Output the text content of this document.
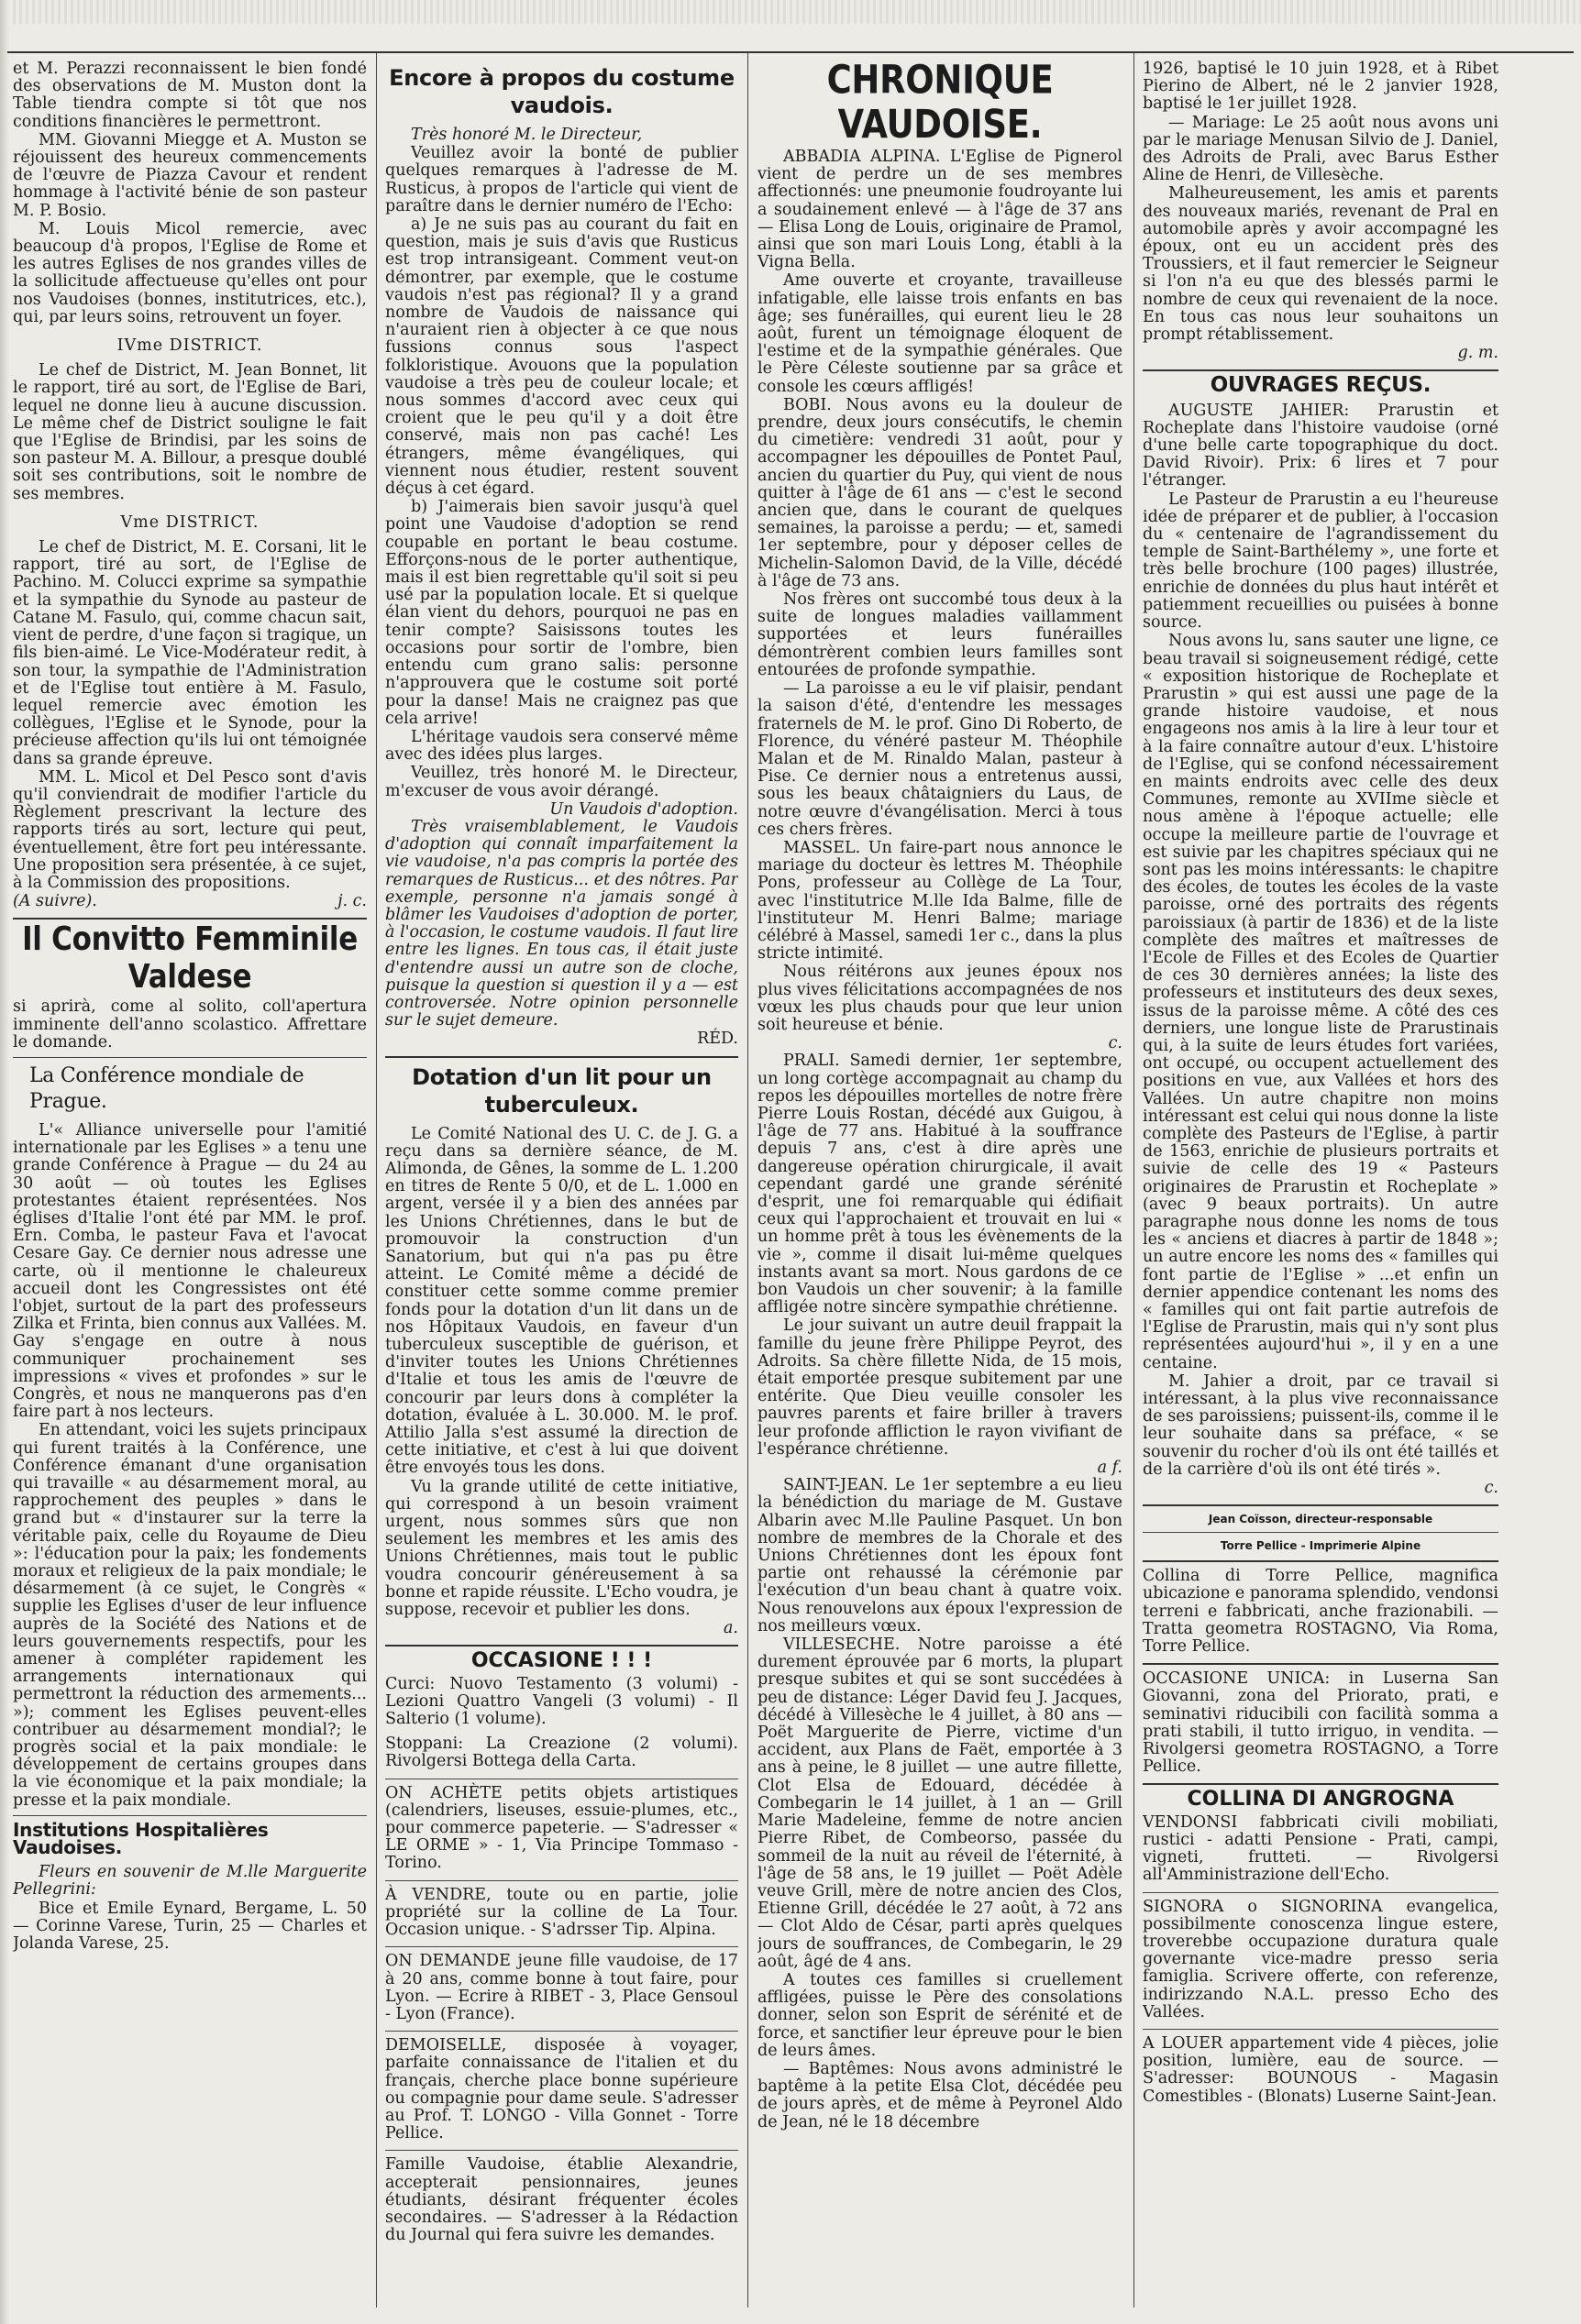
et M. Perazzi reconnaissent le bien fondé des observations de M. Muston dont la Table tiendra compte si tôt que nos conditions financières le permettront.

MM. Giovanni Miegge et A. Muston se réjouissent des heureux commencements de l'œuvre de Piazza Cavour et rendent hommage à l'activité bénie de son pasteur M. P. Bosio.

M. Louis Micol remercie, avec beaucoup d'à propos, l'Eglise de Rome et les autres Eglises de nos grandes villes de la sollicitude affectueuse qu'elles ont pour nos Vaudoises (bonnes, institutrices, etc.), qui, par leurs soins, retrouvent un foyer.

IVme DISTRICT.

Le chef de District, M. Jean Bonnet, lit le rapport, tiré au sort, de l'Eglise de Bari, lequel ne donne lieu à aucune discussion. Le même chef de District souligne le fait que l'Eglise de Brindisi, par les soins de son pasteur M. A. Billour, a presque doublé soit ses contributions, soit le nombre de ses membres.

Vme DISTRICT.

Le chef de District, M. E. Corsani, lit le rapport, tiré au sort, de l'Eglise de Pachino. M. Colucci exprime sa sympathie et la sympathie du Synode au pasteur de Catane M. Fasulo, qui, comme chacun sait, vient de perdre, d'une façon si tragique, un fils bien-aimé. Le Vice-Modérateur redit, à son tour, la sympathie de l'Administration et de l'Eglise tout entière à M. Fasulo, lequel remercie avec émotion les collègues, l'Eglise et le Synode, pour la précieuse affection qu'ils lui ont témoignée dans sa grande épreuve.

MM. L. Micol et Del Pesco sont d'avis qu'il conviendrait de modifier l'article du Règlement prescrivant la lecture des rapports tirés au sort, lecture qui peut, éventuellement, être fort peu intéressante. Une proposition sera présentée, à ce sujet, à la Commission des propositions.

(A suivre).	j. c.
Il Convitto Femminile Valdese

si aprirà, come al solito, coll'apertura imminente dell'anno scolastico. Affrettare le domande.

La Conférence mondiale de Prague.

L'« Alliance universelle pour l'amitié internationale par les Eglises » a tenu une grande Conférence à Prague — du 24 au 30 août — où toutes les Eglises protestantes étaient représentées. Nos églises d'Italie l'ont été par MM. le prof. Ern. Comba, le pasteur Fava et l'avocat Cesare Gay. Ce dernier nous adresse une carte, où il mentionne le chaleureux accueil dont les Congressistes ont été l'objet, surtout de la part des professeurs Zilka et Frinta, bien connus aux Vallées. M. Gay s'engage en outre à nous communiquer prochainement ses impressions « vives et profondes » sur le Congrès, et nous ne manquerons pas d'en faire part à nos lecteurs.

En attendant, voici les sujets principaux qui furent traités à la Conférence, une Conférence émanant d'une organisation qui travaille « au désarmement moral, au rapprochement des peuples » dans le grand but « d'instaurer sur la terre la véritable paix, celle du Royaume de Dieu »: l'éducation pour la paix; les fondements moraux et religieux de la paix mondiale; le désarmement (à ce sujet, le Congrès « supplie les Eglises d'user de leur influence auprès de la Société des Nations et de leurs gouvernements respectifs, pour les amener à compléter rapidement les arrangements internationaux qui permettront la réduction des armements... »); comment les Eglises peuvent-elles contribuer au désarmement mondial?; le progrès social et la paix mondiale: le développement de certains groupes dans la vie économique et la paix mondiale; la presse et la paix mondiale.

Institutions Hospitalières Vaudoises.

Fleurs en souvenir de M.lle Marguerite Pellegrini:

Bice et Emile Eynard, Bergame, L. 50 — Corinne Varese, Turin, 25 — Charles et Jolanda Varese, 25.

Encore à propos du costume vaudois.

Très honoré M. le Directeur,

Veuillez avoir la bonté de publier quelques remarques à l'adresse de M. Rusticus, à propos de l'article qui vient de paraître dans le dernier numéro de l'Echo:

a) Je ne suis pas au courant du fait en question, mais je suis d'avis que Rusticus est trop intransigeant. Comment veut-on démontrer, par exemple, que le costume vaudois n'est pas régional? Il y a grand nombre de Vaudois de naissance qui n'auraient rien à objecter à ce que nous fussions connus sous l'aspect folkloristique. Avouons que la population vaudoise a très peu de couleur locale; et nous sommes d'accord avec ceux qui croient que le peu qu'il y a doit être conservé, mais non pas caché! Les étrangers, même évangéliques, qui viennent nous étudier, restent souvent déçus à cet égard.

b) J'aimerais bien savoir jusqu'à quel point une Vaudoise d'adoption se rend coupable en portant le beau costume. Efforçons-nous de le porter authentique, mais il est bien regrettable qu'il soit si peu usé par la population locale. Et si quelque élan vient du dehors, pourquoi ne pas en tenir compte? Saisissons toutes les occasions pour sortir de l'ombre, bien entendu cum grano salis: personne n'approuvera que le costume soit porté pour la danse! Mais ne craignez pas que cela arrive!

L'héritage vaudois sera conservé même avec des idées plus larges.

Veuillez, très honoré M. le Directeur, m'excuser de vous avoir dérangé.

Un Vaudois d'adoption.

Très vraisemblablement, le Vaudois d'adoption qui connaît imparfaitement la vie vaudoise, n'a pas compris la portée des remarques de Rusticus... et des nôtres. Par exemple, personne n'a jamais songé à blâmer les Vaudoises d'adoption de porter, à l'occasion, le costume vaudois. Il faut lire entre les lignes. En tous cas, il était juste d'entendre aussi un autre son de cloche, puisque la question si question il y a — est controversée. Notre opinion personnelle sur le sujet demeure.

RÉD.
Dotation d'un lit pour un tuberculeux.

Le Comité National des U. C. de J. G. a reçu dans sa dernière séance, de M. Alimonda, de Gênes, la somme de L. 1.200 en titres de Rente 5 0/0, et de L. 1.000 en argent, versée il y a bien des années par les Unions Chrétiennes, dans le but de promouvoir la construction d'un Sanatorium, but qui n'a pas pu être atteint. Le Comité même a décidé de constituer cette somme comme premier fonds pour la dotation d'un lit dans un de nos Hôpitaux Vaudois, en faveur d'un tuberculeux susceptible de guérison, et d'inviter toutes les Unions Chrétiennes d'Italie et tous les amis de l'œuvre de concourir par leurs dons à compléter la dotation, évaluée à L. 30.000. M. le prof. Attilio Jalla s'est assumé la direction de cette initiative, et c'est à lui que doivent être envoyés tous les dons.

Vu la grande utilité de cette initiative, qui correspond à un besoin vraiment urgent, nous sommes sûrs que non seulement les membres et les amis des Unions Chrétiennes, mais tout le public voudra concourir généreusement à sa bonne et rapide réussite. L'Echo voudra, je suppose, recevoir et publier les dons.

a.
OCCASIONE ! ! !

Curci: Nuovo Testamento (3 volumi) - Lezioni Quattro Vangeli (3 volumi) - Il Salterio (1 volume).

Stoppani: La Creazione (2 volumi). Rivolgersi Bottega della Carta.

ON ACHÈTE petits objets artistiques (calendriers, liseuses, essuie-plumes, etc., pour commerce papeterie. — S'adresser « LE ORME » - 1, Via Principe Tommaso - Torino.

À VENDRE, toute ou en partie, jolie propriété sur la colline de La Tour. Occasion unique. - S'adrsser Tip. Alpina.

ON DEMANDE jeune fille vaudoise, de 17 à 20 ans, comme bonne à tout faire, pour Lyon. — Ecrire à RIBET - 3, Place Gensoul - Lyon (France).

DEMOISELLE, disposée à voyager, parfaite connaissance de l'italien et du français, cherche place bonne supérieure ou compagnie pour dame seule. S'adresser au Prof. T. LONGO - Villa Gonnet - Torre Pellice.

Famille Vaudoise, établie Alexandrie, accepterait pensionnaires, jeunes étudiants, désirant fréquenter écoles secondaires. — S'adresser à la Rédaction du Journal qui fera suivre les demandes.

CHRONIQUE VAUDOISE.

ABBADIA ALPINA. L'Eglise de Pignerol vient de perdre un de ses membres affectionnés: une pneumonie foudroyante lui a soudainement enlevé — à l'âge de 37 ans — Elisa Long de Louis, originaire de Pramol, ainsi que son mari Louis Long, établi à la Vigna Bella.

Ame ouverte et croyante, travailleuse infatigable, elle laisse trois enfants en bas âge; ses funérailles, qui eurent lieu le 28 août, furent un témoignage éloquent de l'estime et de la sympathie générales. Que le Père Céleste soutienne par sa grâce et console les cœurs affligés!

BOBI. Nous avons eu la douleur de prendre, deux jours consécutifs, le chemin du cimetière: vendredi 31 août, pour y accompagner les dépouilles de Pontet Paul, ancien du quartier du Puy, qui vient de nous quitter à l'âge de 61 ans — c'est le second ancien que, dans le courant de quelques semaines, la paroisse a perdu; — et, samedi 1er septembre, pour y déposer celles de Michelin-Salomon David, de la Ville, décédé à l'âge de 73 ans.

Nos frères ont succombé tous deux à la suite de longues maladies vaillamment supportées et leurs funérailles démontrèrent combien leurs familles sont entourées de profonde sympathie.

— La paroisse a eu le vif plaisir, pendant la saison d'été, d'entendre les messages fraternels de M. le prof. Gino Di Roberto, de Florence, du vénéré pasteur M. Théophile Malan et de M. Rinaldo Malan, pasteur à Pise. Ce dernier nous a entretenus aussi, sous les beaux châtaigniers du Laus, de notre œuvre d'évangélisation. Merci à tous ces chers frères.

MASSEL. Un faire-part nous annonce le mariage du docteur ès lettres M. Théophile Pons, professeur au Collège de La Tour, avec l'institutrice M.lle Ida Balme, fille de l'instituteur M. Henri Balme; mariage célébré à Massel, samedi 1er c., dans la plus stricte intimité.

Nous réitérons aux jeunes époux nos plus vives félicitations accompagnées de nos vœux les plus chauds pour que leur union soit heureuse et bénie.

c.

PRALI. Samedi dernier, 1er septembre, un long cortège accompagnait au champ du repos les dépouilles mortelles de notre frère Pierre Louis Rostan, décédé aux Guigou, à l'âge de 77 ans. Habitué à la souffrance depuis 7 ans, c'est à dire après une dangereuse opération chirurgicale, il avait cependant gardé une grande sérénité d'esprit, une foi remarquable qui édifiait ceux qui l'approchaient et trouvait en lui « un homme prêt à tous les évènements de la vie », comme il disait lui-même quelques instants avant sa mort. Nous gardons de ce bon Vaudois un cher souvenir; à la famille affligée notre sincère sympathie chrétienne.

Le jour suivant un autre deuil frappait la famille du jeune frère Philippe Peyrot, des Adroits. Sa chère fillette Nida, de 15 mois, était emportée presque subitement par une entérite. Que Dieu veuille consoler les pauvres parents et faire briller à travers leur profonde affliction le rayon vivifiant de l'espérance chrétienne.

a f.

SAINT-JEAN. Le 1er septembre a eu lieu la bénédiction du mariage de M. Gustave Albarin avec M.lle Pauline Pasquet. Un bon nombre de membres de la Chorale et des Unions Chrétiennes dont les époux font partie ont rehaussé la cérémonie par l'exécution d'un beau chant à quatre voix. Nous renouvelons aux époux l'expression de nos meilleurs vœux.

VILLESECHE. Notre paroisse a été durement éprouvée par 6 morts, la plupart presque subites et qui se sont succédées à peu de distance: Léger David feu J. Jacques, décédé à Villesèche le 4 juillet, à 80 ans — Poët Marguerite de Pierre, victime d'un accident, aux Plans de Faët, emportée à 3 ans à peine, le 8 juillet — une autre fillette, Clot Elsa de Edouard, décédée à Combegarin le 14 juillet, à 1 an — Grill Marie Madeleine, femme de notre ancien Pierre Ribet, de Combeorso, passée du sommeil de la nuit au réveil de l'éternité, à l'âge de 58 ans, le 19 juillet — Poët Adèle veuve Grill, mère de notre ancien des Clos, Etienne Grill, décédée le 27 août, à 72 ans — Clot Aldo de César, parti après quelques jours de souffrances, de Combegarin, le 29 août, âgé de 4 ans.

A toutes ces familles si cruellement affligées, puisse le Père des consolations donner, selon son Esprit de sérénité et de force, et sanctifier leur épreuve pour le bien de leurs âmes.

— Baptêmes: Nous avons administré le baptême à la petite Elsa Clot, décédée peu de jours après, et de même à Peyronel Aldo de Jean, né le 18 décembre

1926, baptisé le 10 juin 1928, et à Ribet Pierino de Albert, né le 2 janvier 1928, baptisé le 1er juillet 1928.

— Mariage: Le 25 août nous avons uni par le mariage Menusan Silvio de J. Daniel, des Adroits de Prali, avec Barus Esther Aline de Henri, de Villesèche.

Malheureusement, les amis et parents des nouveaux mariés, revenant de Pral en automobile après y avoir accompagné les époux, ont eu un accident près des Troussiers, et il faut remercier le Seigneur si l'on n'a eu que des blessés parmi le nombre de ceux qui revenaient de la noce. En tous cas nous leur souhaitons un prompt rétablissement.

g. m.
OUVRAGES REÇUS.

AUGUSTE JAHIER: Prarustin et Rocheplate dans l'histoire vaudoise (orné d'une belle carte topographique du doct. David Rivoir). Prix: 6 lires et 7 pour l'étranger.

Le Pasteur de Prarustin a eu l'heureuse idée de préparer et de publier, à l'occasion du « centenaire de l'agrandissement du temple de Saint-Barthélemy », une forte et très belle brochure (100 pages) illustrée, enrichie de données du plus haut intérêt et patiemment recueillies ou puisées à bonne source.

Nous avons lu, sans sauter une ligne, ce beau travail si soigneusement rédigé, cette « exposition historique de Rocheplate et Prarustin » qui est aussi une page de la grande histoire vaudoise, et nous engageons nos amis à la lire à leur tour et à la faire connaître autour d'eux. L'histoire de l'Eglise, qui se confond nécessairement en maints endroits avec celle des deux Communes, remonte au XVIIme siècle et nous amène à l'époque actuelle; elle occupe la meilleure partie de l'ouvrage et est suivie par les chapitres spéciaux qui ne sont pas les moins intéressants: le chapitre des écoles, de toutes les écoles de la vaste paroisse, orné des portraits des régents paroissiaux (à partir de 1836) et de la liste complète des maîtres et maîtresses de l'Ecole de Filles et des Ecoles de Quartier de ces 30 dernières années; la liste des professeurs et instituteurs des deux sexes, issus de la paroisse même. A côté des ces derniers, une longue liste de Prarustinais qui, à la suite de leurs études fort variées, ont occupé, ou occupent actuellement des positions en vue, aux Vallées et hors des Vallées. Un autre chapitre non moins intéressant est celui qui nous donne la liste complète des Pasteurs de l'Eglise, à partir de 1563, enrichie de plusieurs portraits et suivie de celle des 19 « Pasteurs originaires de Prarustin et Rocheplate » (avec 9 beaux portraits). Un autre paragraphe nous donne les noms de tous les « anciens et diacres à partir de 1848 »; un autre encore les noms des « familles qui font partie de l'Eglise » ...et enfin un dernier appendice contenant les noms des « familles qui ont fait partie autrefois de l'Eglise de Prarustin, mais qui n'y sont plus représentées aujourd'hui », il y en a une centaine.

M. Jahier a droit, par ce travail si intéressant, à la plus vive reconnaissance de ses paroissiens; puissent-ils, comme il le leur souhaite dans sa préface, « se souvenir du rocher d'où ils ont été taillés et de la carrière d'où ils ont été tirés ».

c.
Jean Coïsson, directeur-responsable
Torre Pellice - Imprimerie Alpine

Collina di Torre Pellice, magnifica ubicazione e panorama splendido, vendonsi terreni e fabbricati, anche frazionabili. — Tratta geometra ROSTAGNO, Via Roma, Torre Pellice.

OCCASIONE UNICA: in Luserna San Giovanni, zona del Priorato, prati, e seminativi riducibili con facilità somma a prati stabili, il tutto irriguo, in vendita. — Rivolgersi geometra ROSTAGNO, a Torre Pellice.

COLLINA DI ANGROGNA

VENDONSI fabbricati civili mobiliati, rustici - adatti Pensione - Prati, campi, vigneti, frutteti. — Rivolgersi all'Amministrazione dell'Echo.

SIGNORA o SIGNORINA evangelica, possibilmente conoscenza lingue estere, troverebbe occupazione duratura quale governante vice-madre presso seria famiglia. Scrivere offerte, con referenze, indirizzando N.A.L. presso Echo des Vallées.

A LOUER appartement vide 4 pièces, jolie position, lumière, eau de source. — S'adresser: BOUNOUS - Magasin Comestibles - (Blonats) Luserne Saint-Jean.
